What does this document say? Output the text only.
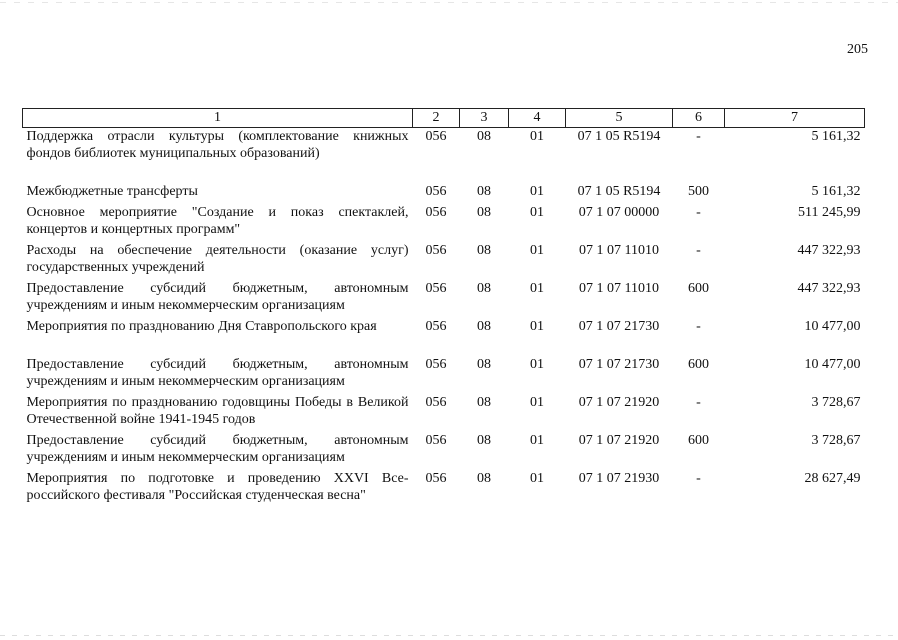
205
1	2	3	4	5	6	7
Поддержка отрасли культуры (комплектование книжных фондов библиотек муниципальных образований)	056	08	01	07 1 05 R5194	-	5 161,32
Межбюджетные трансферты	056	08	01	07 1 05 R5194	500	5 161,32
Основное мероприятие "Создание и показ спектаклей, концертов и концертных программ"	056	08	01	07 1 07 00000	-	511 245,99
Расходы на обеспечение деятельности (оказание услуг) государственных учреждений	056	08	01	07 1 07 11010	-	447 322,93
Предоставление субсидий бюджетным, автономным учреждениям и иным некоммерческим организациям	056	08	01	07 1 07 11010	600	447 322,93
Мероприятия по празднованию Дня Ставропольского края	056	08	01	07 1 07 21730	-	10 477,00
Предоставление субсидий бюджетным, автономным учреждениям и иным некоммерческим организациям	056	08	01	07 1 07 21730	600	10 477,00
Мероприятия по празднованию годовщины Победы в Великой Отечественной войне 1941-1945 годов	056	08	01	07 1 07 21920	-	3 728,67
Предоставление субсидий бюджетным, автономным учреждениям и иным некоммерческим организациям	056	08	01	07 1 07 21920	600	3 728,67
Мероприятия по подготовке и проведению XXVI Все-российского фестиваля "Российская студенческая весна"	056	08	01	07 1 07 21930	-	28 627,49
